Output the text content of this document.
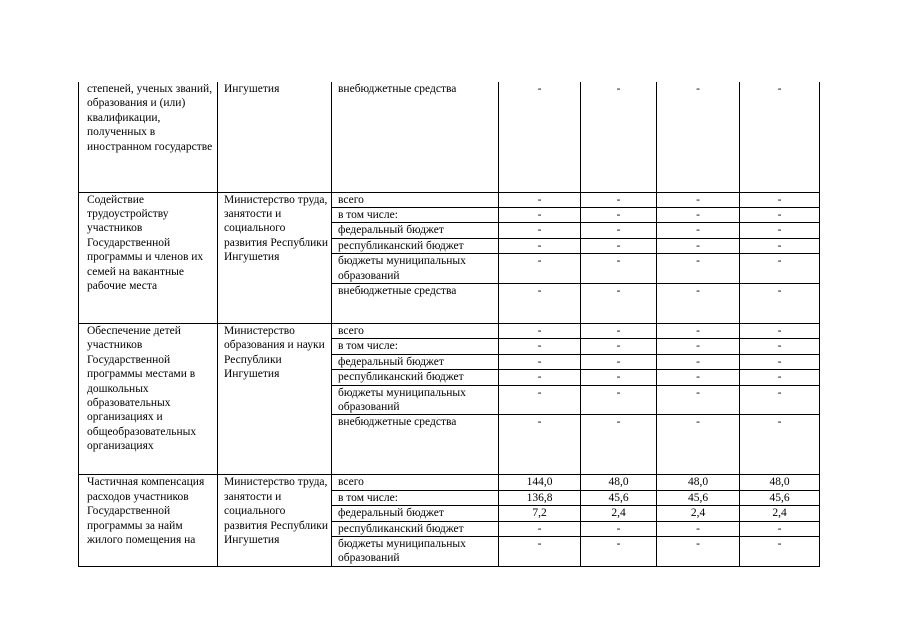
степеней, ученых званий, образования и (или) квалификации, полученных в иностранном государстве	Ингушетия	внебюджетные средства	-	-	-	-
Содействие трудоустройству участников Государственной программы и членов их семей на вакантные рабочие места	Министерство труда, занятости и социального развития Республики Ингушетия	всего	-	-	-	-
		в том числе:	-	-	-	-
		федеральный бюджет	-	-	-	-
		республиканский бюджет	-	-	-	-
		бюджеты муниципальных образований	-	-	-	-
		внебюджетные средства	-	-	-	-
Обеспечение детей участников Государственной программы местами в дошкольных образовательных организациях и общеобразовательных организациях	Министерство образования и науки Республики Ингушетия	всего	-	-	-	-
		в том числе:	-	-	-	-
		федеральный бюджет	-	-	-	-
		республиканский бюджет	-	-	-	-
		бюджеты муниципальных образований	-	-	-	-
		внебюджетные средства	-	-	-	-
Частичная компенсация расходов участников Государственной программы за найм жилого помещения на	Министерство труда, занятости и социального развития Республики Ингушетия	всего	144,0	48,0	48,0	48,0
		в том числе:	136,8	45,6	45,6	45,6
		федеральный бюджет	7,2	2,4	2,4	2,4
		республиканский бюджет	-	-	-	-
		бюджеты муниципальных образований	-	-	-	-
